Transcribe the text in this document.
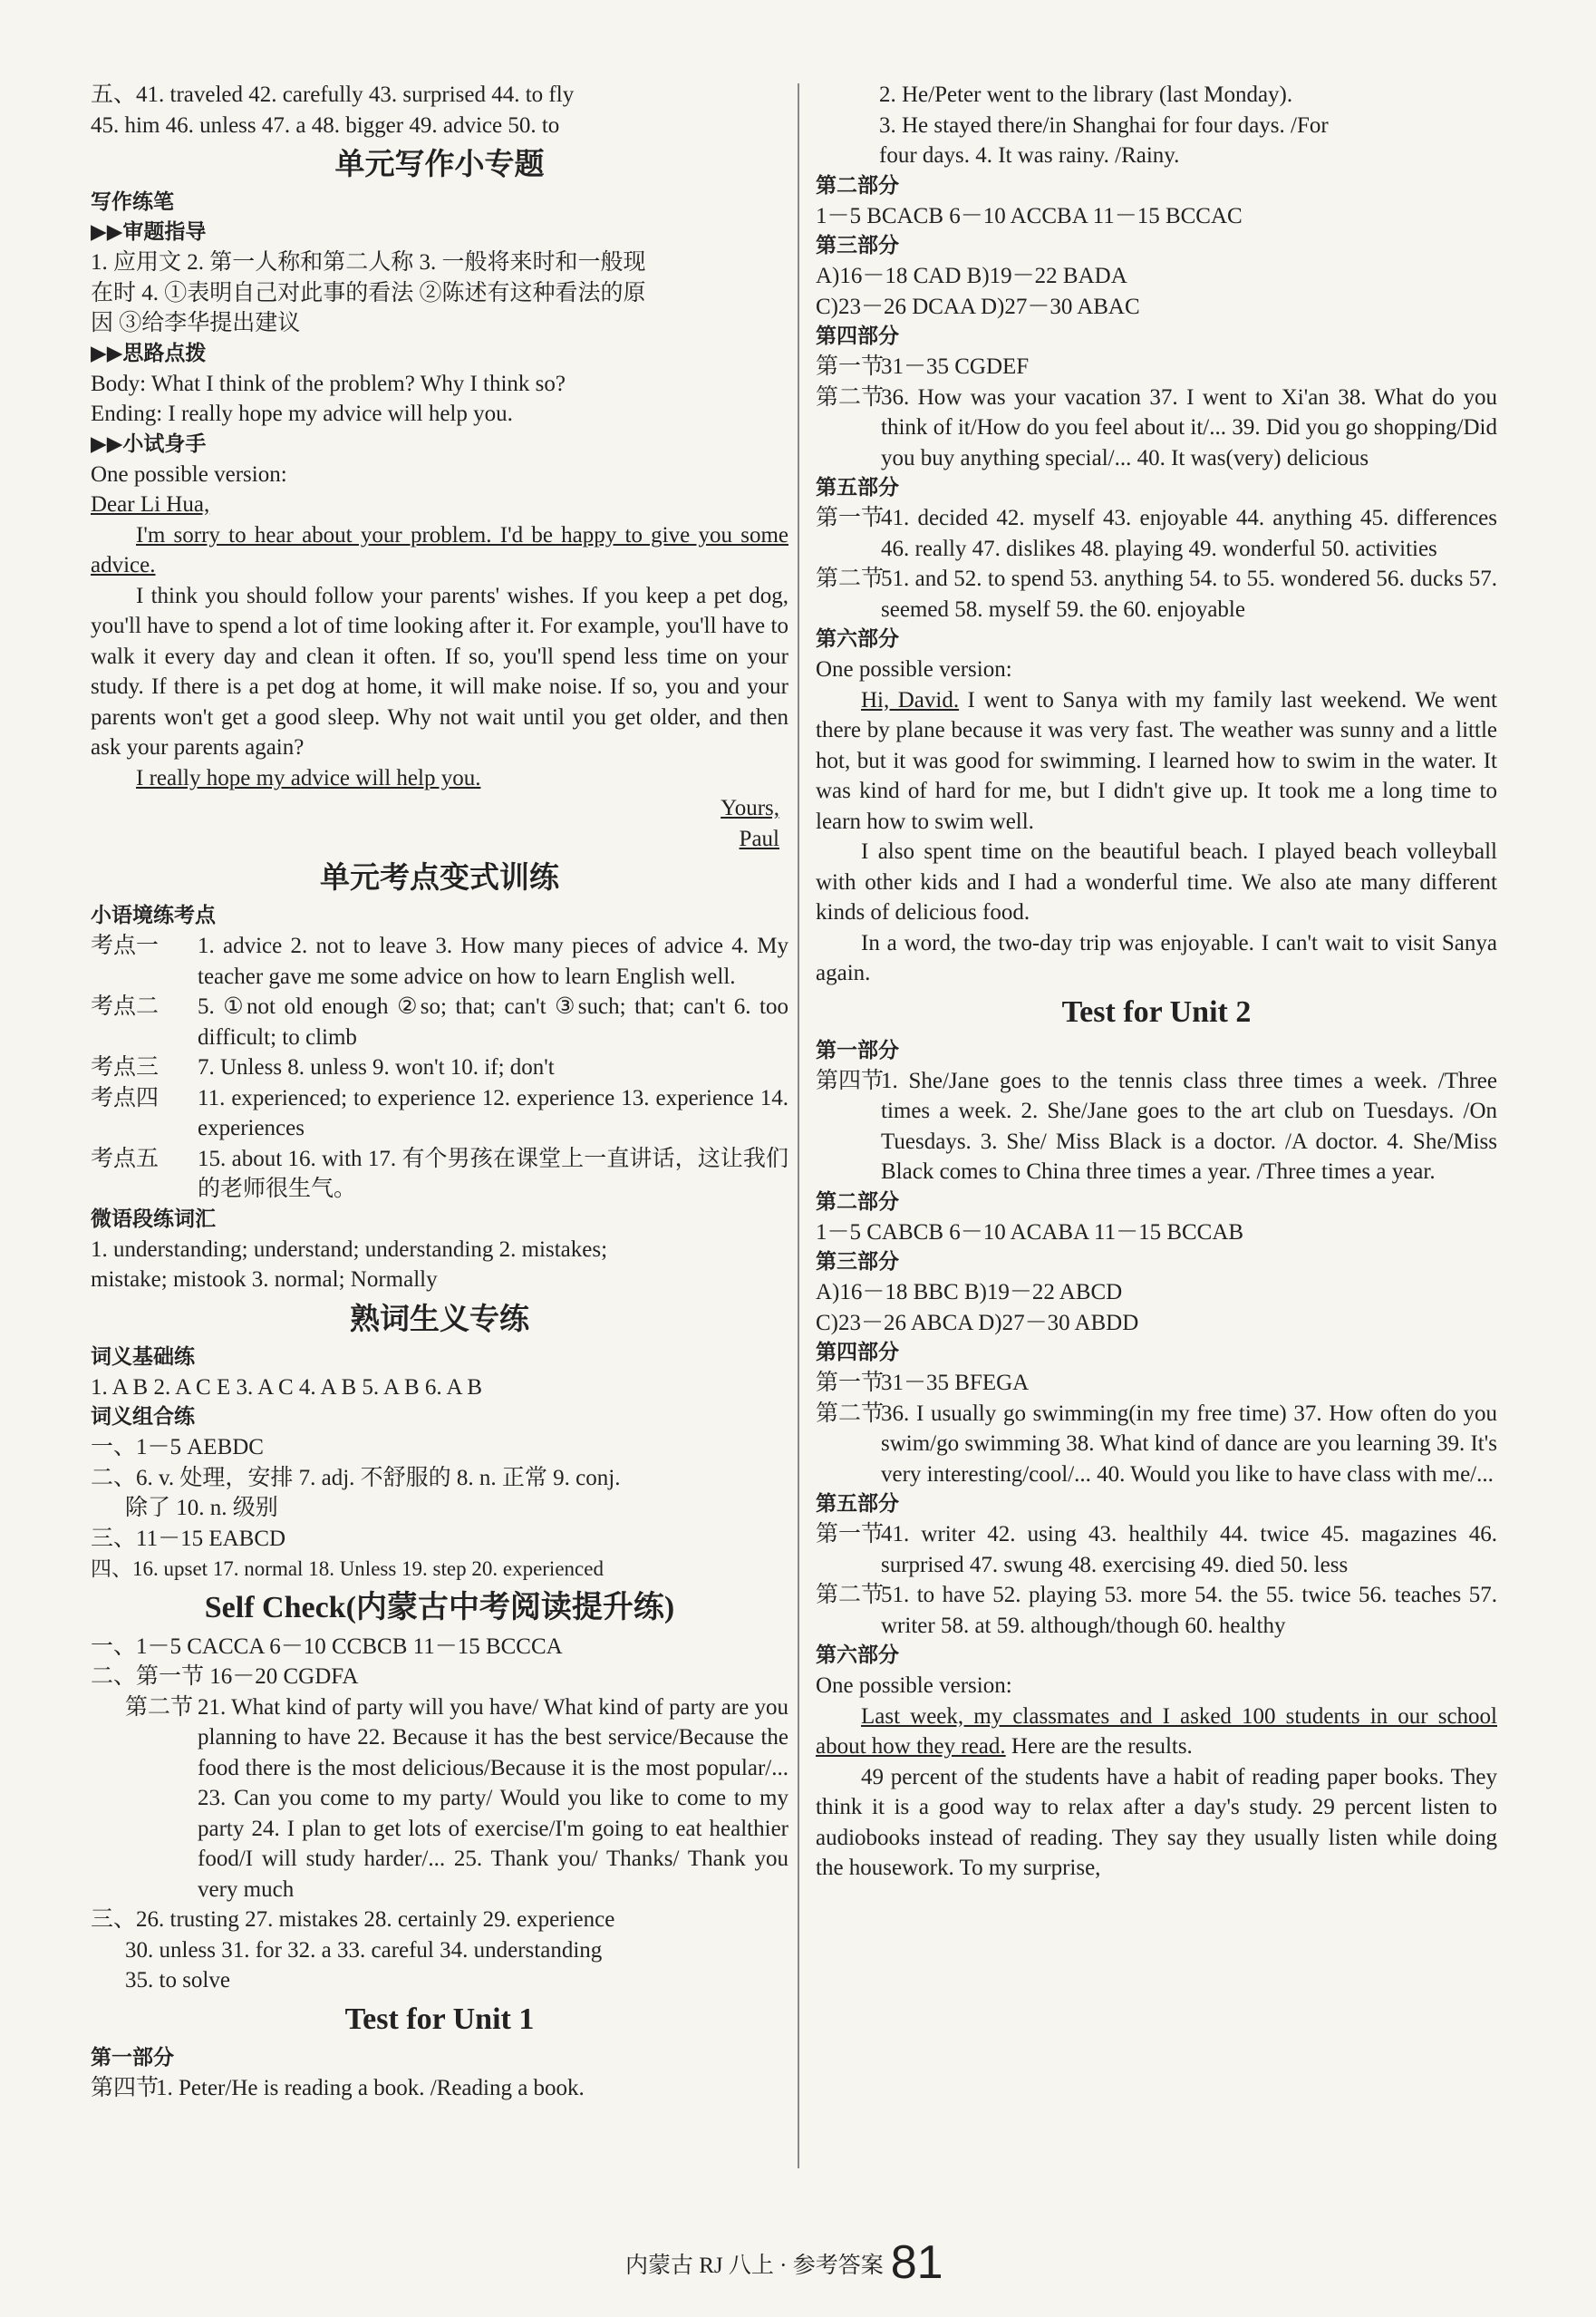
五、41. traveled 42. carefully 43. surprised 44. to fly
45. him 46. unless 47. a 48. bigger 49. advice 50. to
单元写作小专题
写作练笔
▶▶审题指导
1. 应用文 2. 第一人称和第二人称 3. 一般将来时和一般现
在时 4. ①表明自己对此事的看法 ②陈述有这种看法的原
因 ③给李华提出建议
▶▶思路点拨
Body: What I think of the problem? Why I think so?
Ending: I really hope my advice will help you.
▶▶小试身手
One possible version:
Dear Li Hua,
I'm sorry to hear about your problem. I'd be happy to give you some advice.
I think you should follow your parents' wishes. If you keep a pet dog, you'll have to spend a lot of time looking after it. For example, you'll have to walk it every day and clean it often. If so, you'll spend less time on your study. If there is a pet dog at home, it will make noise. If so, you and your parents won't get a good sleep. Why not wait until you get older, and then ask your parents again?
I really hope my advice will help you.
Yours,
Paul
单元考点变式训练
小语境练考点
考点一	1. advice 2. not to leave 3. How many pieces of advice 4. My teacher gave me some advice on how to learn English well.
考点二	5. ①not old enough ②so; that; can't ③such; that; can't 6. too difficult; to climb
考点三	7. Unless 8. unless 9. won't 10. if; don't
考点四	11. experienced; to experience 12. experience 13. experience 14. experiences
考点五	15. about 16. with 17. 有个男孩在课堂上一直讲话，这让我们的老师很生气。
微语段练词汇
1. understanding; understand; understanding 2. mistakes;
mistake; mistook 3. normal; Normally
熟词生义专练
词义基础练
1. A B 2. A C E 3. A C 4. A B 5. A B 6. A B
词义组合练
一、1－5 AEBDC
二、6. v. 处理，安排 7. adj. 不舒服的 8. n. 正常 9. conj.
除了 10. n. 级别
三、11－15 EABCD
四、16. upset 17. normal 18. Unless 19. step 20. experienced
Self Check(内蒙古中考阅读提升练)
一、1－5 CACCA 6－10 CCBCB 11－15 BCCCA
二、第一节 16－20 CGDFA
第二节 21. What kind of party will you have/ What kind of party are you planning to have 22. Because it has the best service/Because the food there is the most delicious/Because it is the most popular/... 23. Can you come to my party/ Would you like to come to my party 24. I plan to get lots of exercise/I'm going to eat healthier food/I will study harder/... 25. Thank you/ Thanks/ Thank you very much
三、26. trusting 27. mistakes 28. certainly 29. experience
30. unless 31. for 32. a 33. careful 34. understanding
35. to solve
Test for Unit 1
第一部分
第四节
1. Peter/He is reading a book. /Reading a book.
2. He/Peter went to the library (last Monday).
3. He stayed there/in Shanghai for four days. /For
four days. 4. It was rainy. /Rainy.
第二部分
1－5 BCACB 6－10 ACCBA 11－15 BCCAC
第三部分
A)16－18 CAD B)19－22 BADA
C)23－26 DCAA D)27－30 ABAC
第四部分
第一节
31－35 CGDEF
第二节
36. How was your vacation 37. I went to Xi'an 38. What do you think of it/How do you feel about it/... 39. Did you go shopping/Did you buy anything special/... 40. It was(very) delicious
第五部分
第一节
41. decided 42. myself 43. enjoyable 44. anything 45. differences 46. really 47. dislikes 48. playing 49. wonderful 50. activities
第二节
51. and 52. to spend 53. anything 54. to 55. wondered 56. ducks 57. seemed 58. myself 59. the 60. enjoyable
第六部分
One possible version:
Hi, David. I went to Sanya with my family last weekend. We went there by plane because it was very fast. The weather was sunny and a little hot, but it was good for swimming. I learned how to swim in the water. It was kind of hard for me, but I didn't give up. It took me a long time to learn how to swim well.
I also spent time on the beautiful beach. I played beach volleyball with other kids and I had a wonderful time. We also ate many different kinds of delicious food.
In a word, the two-day trip was enjoyable. I can't wait to visit Sanya again.
Test for Unit 2
第一部分
第四节
1. She/Jane goes to the tennis class three times a week. /Three times a week. 2. She/Jane goes to the art club on Tuesdays. /On Tuesdays. 3. She/ Miss Black is a doctor. /A doctor. 4. She/Miss Black comes to China three times a year. /Three times a year.
第二部分
1－5 CABCB 6－10 ACABA 11－15 BCCAB
第三部分
A)16－18 BBC B)19－22 ABCD
C)23－26 ABCA D)27－30 ABDD
第四部分
第一节
31－35 BFEGA
第二节
36. I usually go swimming(in my free time) 37. How often do you swim/go swimming 38. What kind of dance are you learning 39. It's very interesting/cool/... 40. Would you like to have class with me/...
第五部分
第一节
41. writer 42. using 43. healthily 44. twice 45. magazines 46. surprised 47. swung 48. exercising 49. died 50. less
第二节
51. to have 52. playing 53. more 54. the 55. twice 56. teaches 57. writer 58. at 59. although/though 60. healthy
第六部分
One possible version:
Last week, my classmates and I asked 100 students in our school about how they read. Here are the results.
49 percent of the students have a habit of reading paper books. They think it is a good way to relax after a day's study. 29 percent listen to audiobooks instead of reading. They say they usually listen while doing the housework. To my surprise,
内蒙古 RJ 八上 · 参考答案 81
